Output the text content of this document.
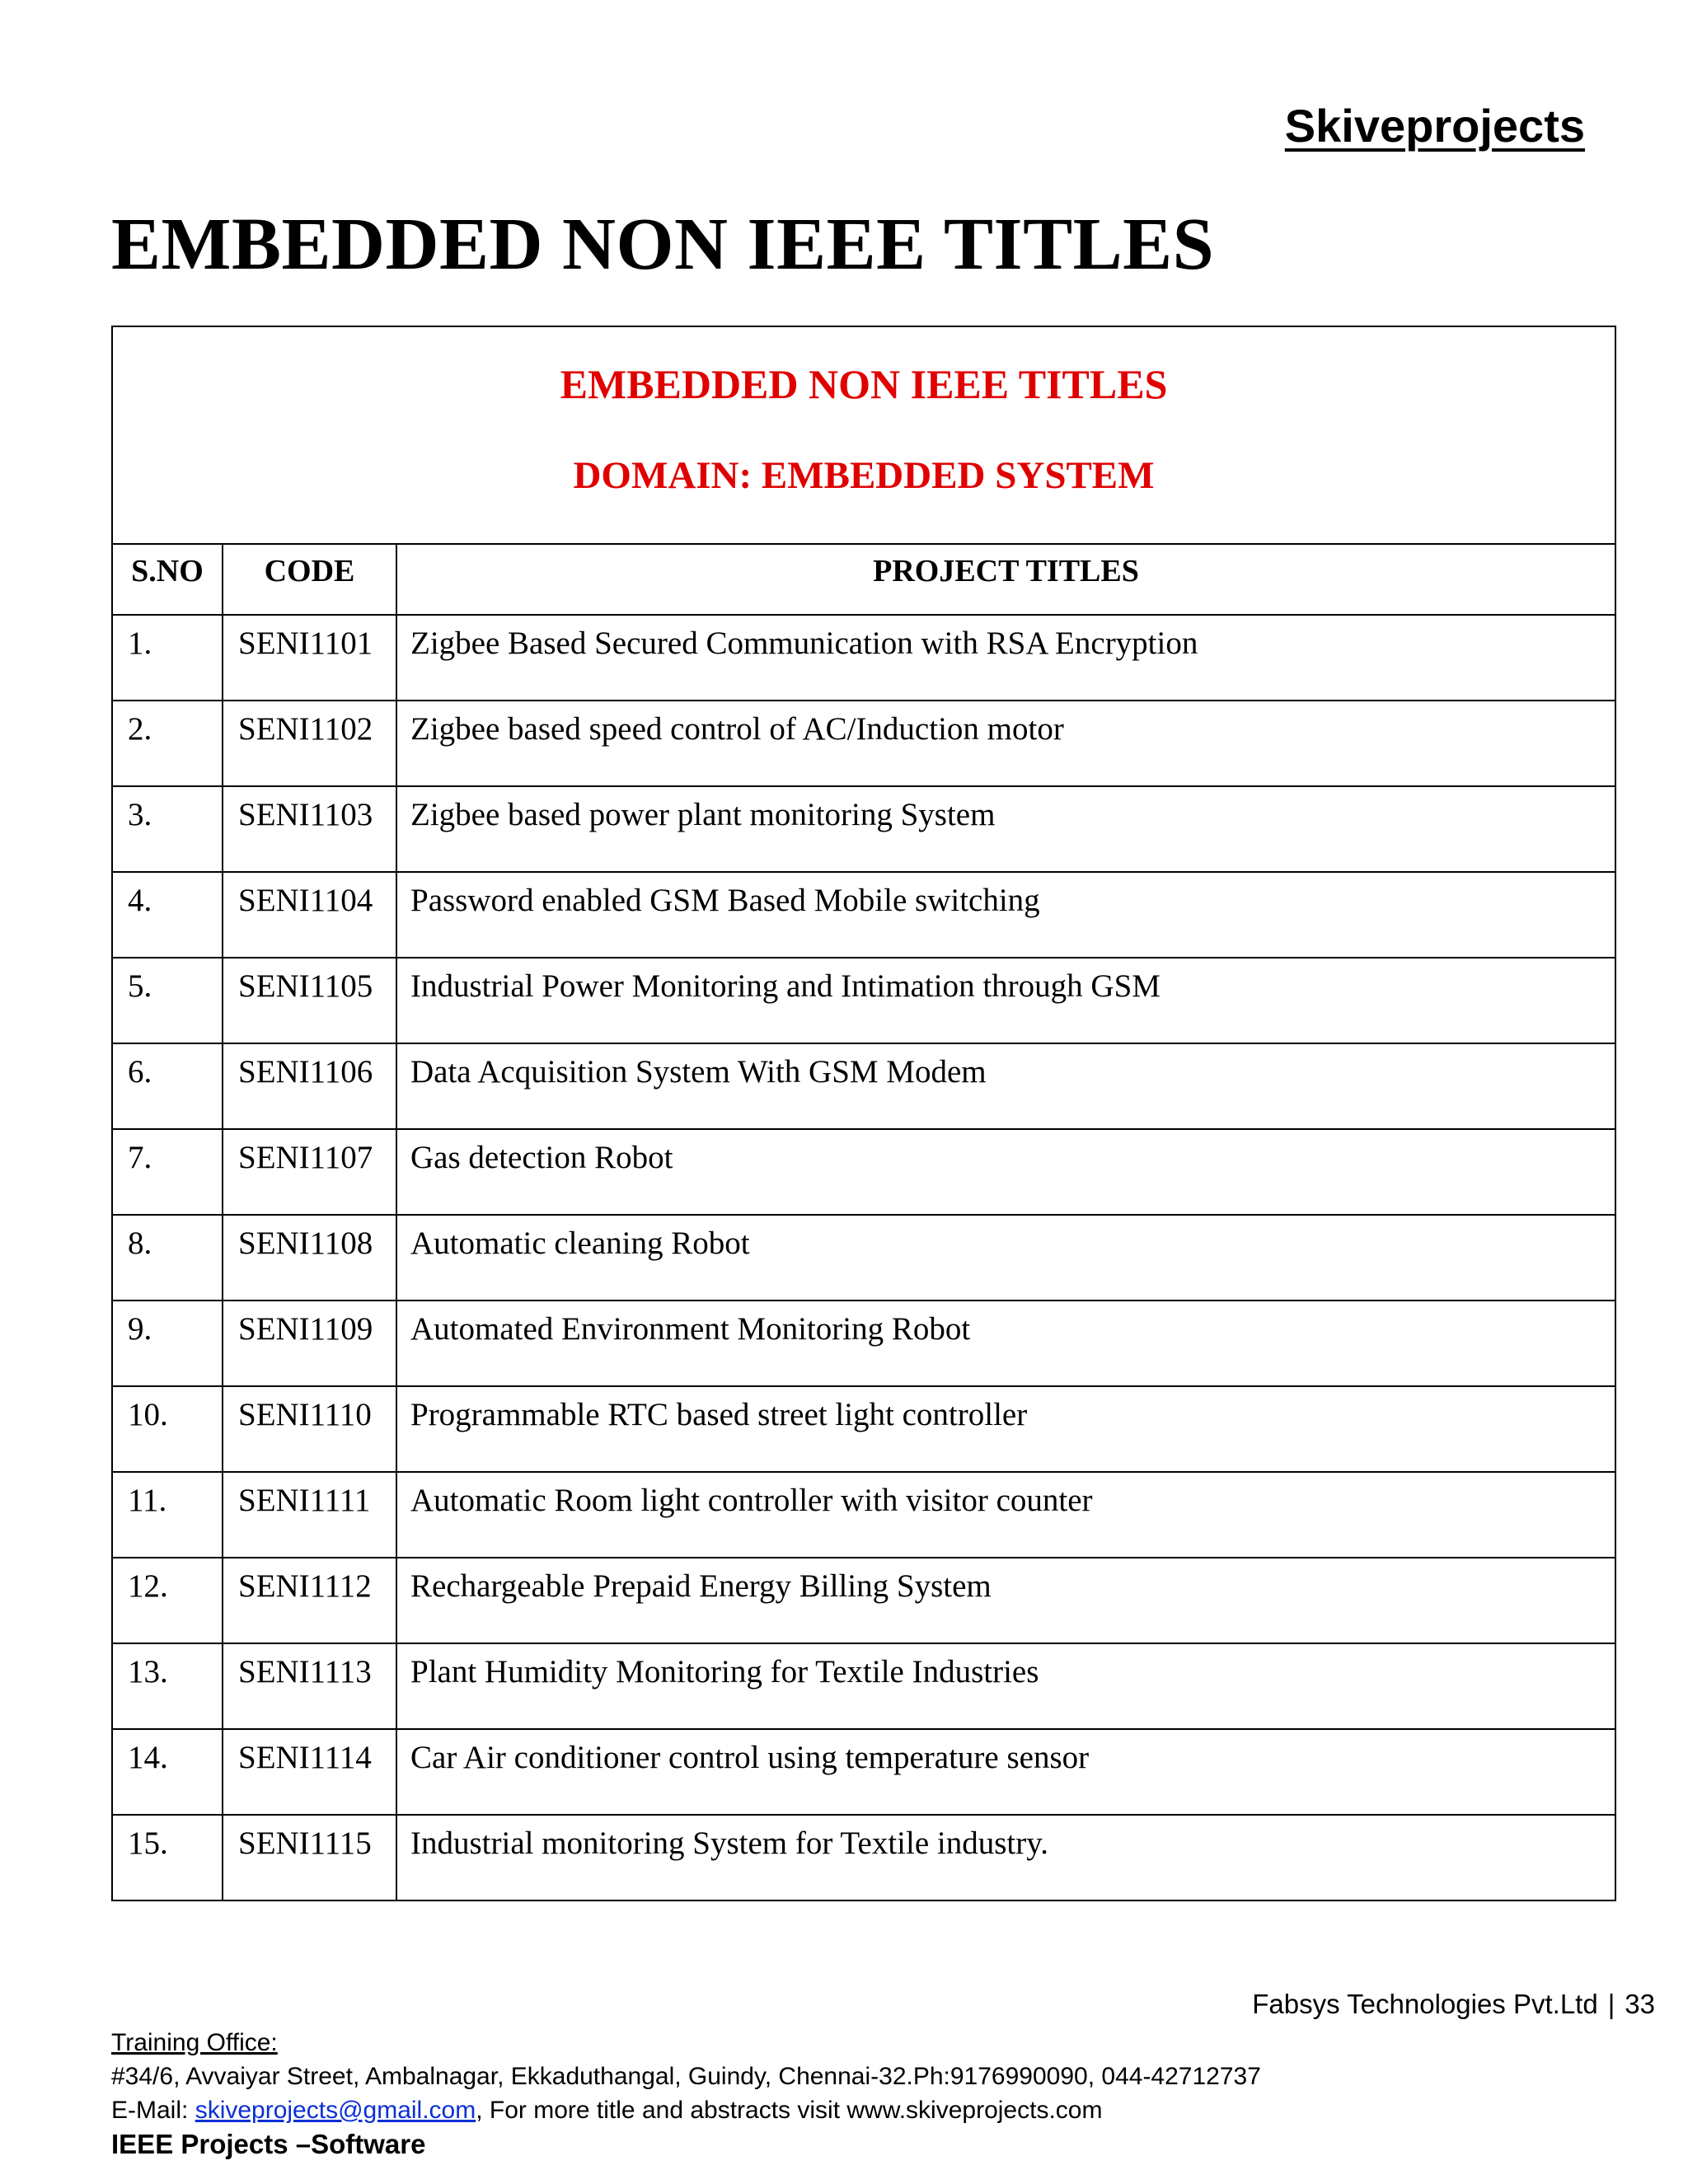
Skiveprojects
EMBEDDED NON IEEE TITLES
EMBEDDED NON IEEE TITLES
DOMAIN: EMBEDDED SYSTEM		

S.NO	CODE	PROJECT TITLES
1.	SENI1101	Zigbee Based Secured Communication with RSA Encryption
2.	SENI1102	Zigbee based speed control of AC/Induction motor
3.	SENI1103	Zigbee based power plant monitoring System
4.	SENI1104	Password enabled GSM Based Mobile switching
5.	SENI1105	Industrial Power Monitoring and Intimation through GSM
6.	SENI1106	Data Acquisition System With GSM Modem
7.	SENI1107	Gas detection Robot
8.	SENI1108	Automatic cleaning Robot
9.	SENI1109	Automated Environment Monitoring Robot
10.	SENI1110	Programmable RTC based street light controller
11.	SENI1111	Automatic Room light controller with visitor counter
12.	SENI1112	Rechargeable Prepaid Energy Billing System
13.	SENI1113	Plant Humidity Monitoring for Textile Industries
14.	SENI1114	Car Air conditioner control using temperature sensor
15.	SENI1115	Industrial monitoring System for Textile industry.
Fabsys Technologies Pvt.Ltd | 33
Training Office:
#34/6, Avvaiyar Street, Ambalnagar, Ekkaduthangal, Guindy, Chennai-32.Ph:9176990090, 044-42712737
E-Mail: skiveprojects@gmail.com, For more title and abstracts visit www.skiveprojects.com
IEEE Projects –Software
